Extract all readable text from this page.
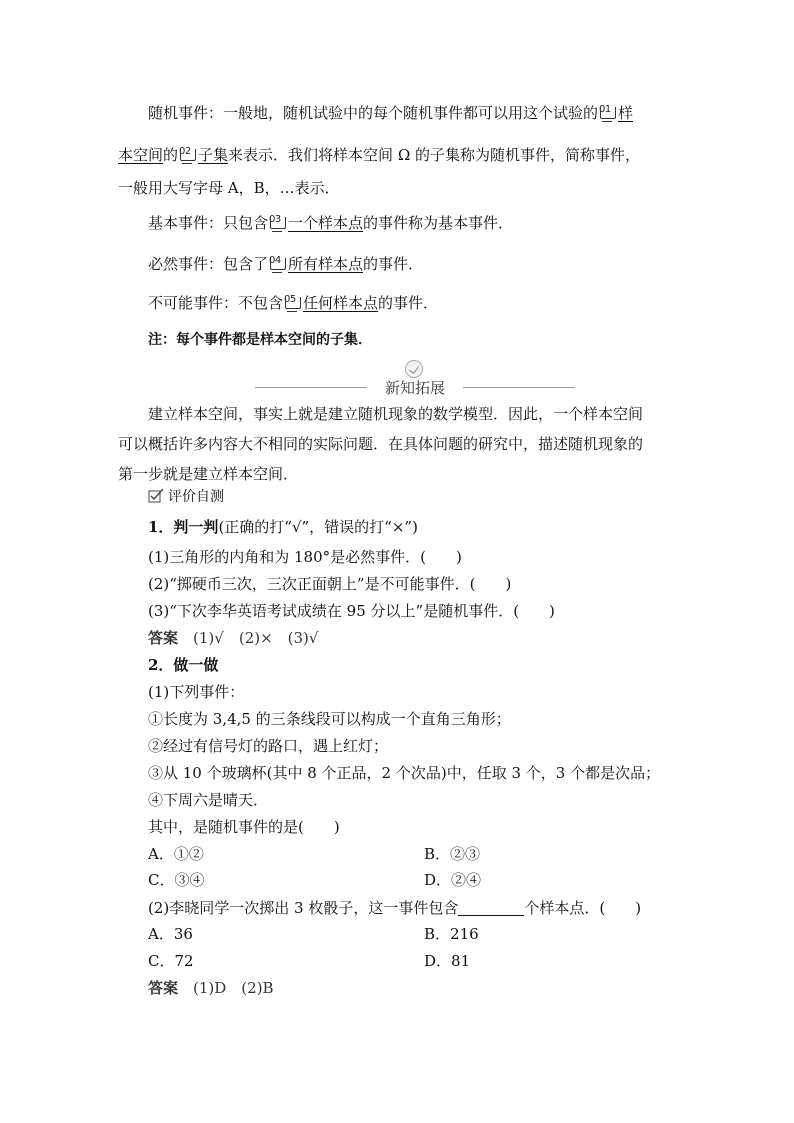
随机事件：一般地，随机试验中的每个随机事件都可以用这个试验的 01 样
本空间的 02 子集来表示．我们将样本空间 Ω 的子集称为随机事件，简称事件，
一般用大写字母 A，B，…表示．
基本事件：只包含 03 一个样本点的事件称为基本事件．
必然事件：包含了 04 所有样本点的事件．
不可能事件：不包含 05 任何样本点的事件．
注：每个事件都是样本空间的子集．
新知拓展
建立样本空间，事实上就是建立随机现象的数学模型．因此，一个样本空间
可以概括许多内容大不相同的实际问题．在具体问题的研究中，描述随机现象的
第一步就是建立样本空间．
评价自测
1．判一判(正确的打“√”，错误的打“×”)
(1)三角形的内角和为 180°是必然事件．(　　)
(2)“掷硬币三次，三次正面朝上”是不可能事件．(　　)
(3)“下次李华英语考试成绩在 95 分以上”是随机事件．(　　)
答案　 (1)√　(2)×　(3)√
2．做一做
(1)下列事件：
①长度为 3,4,5 的三条线段可以构成一个直角三角形；
②经过有信号灯的路口，遇上红灯；
③从 10 个玻璃杯(其中 8 个正品，2 个次品)中，任取 3 个，3 个都是次品；
④下周六是晴天．
其中，是随机事件的是(　　)
A．①②	B．②③
C．③④	D．②④
(2)李晓同学一次掷出 3 枚骰子，这一事件包含	个样本点．(　　)
A．36	B．216
C．72	D．81
答案　 (1)D　(2)B
